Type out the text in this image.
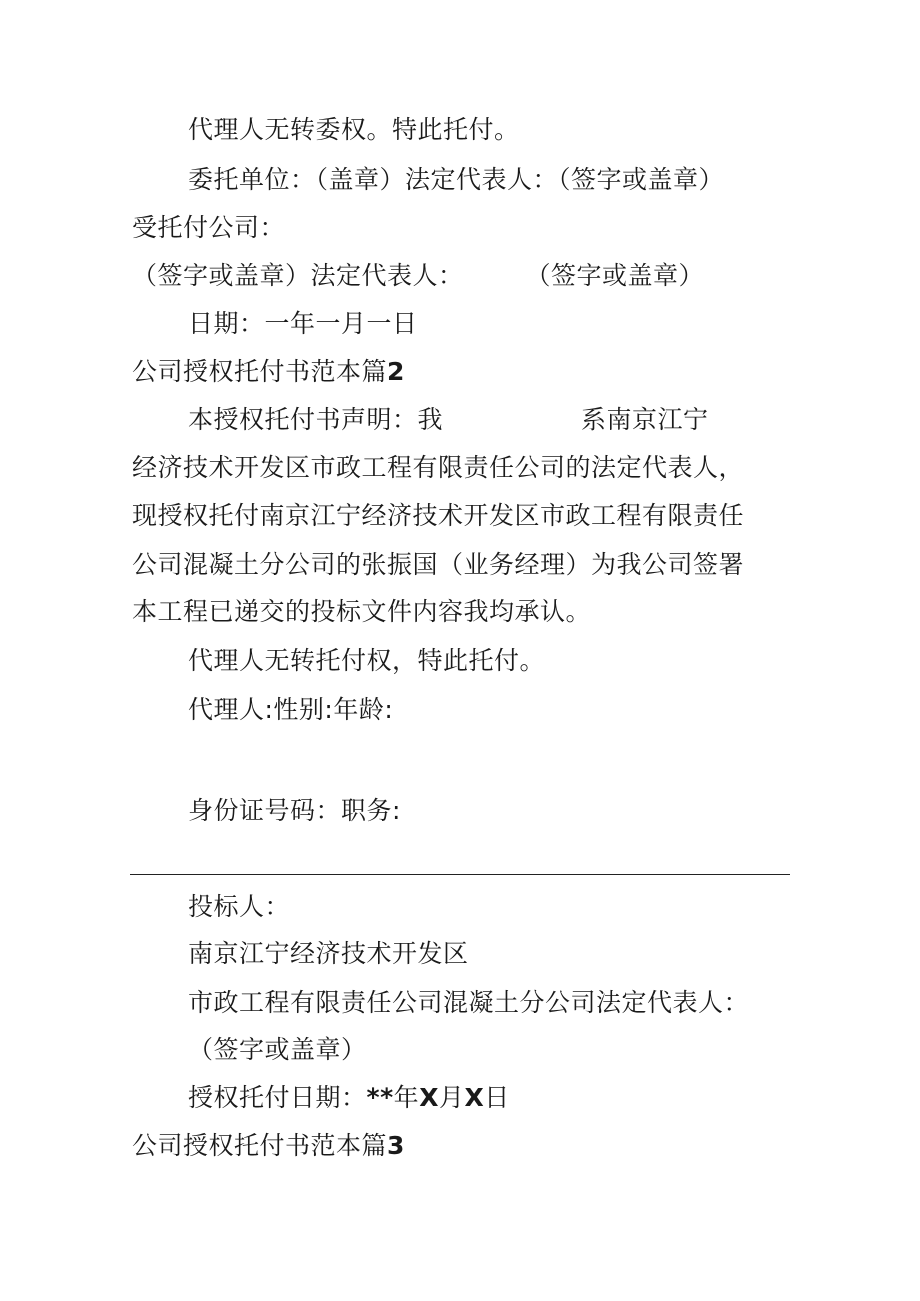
代理人无转委权。特此托付。
委托单位：（盖章）法定代表人：（签字或盖章）
受托付公司：
（签字或盖章）法定代表人： （签字或盖章）
日期：一年一月一日
公司授权托付书范本篇2
本授权托付书声明：我	系南京江宁
经济技术开发区市政工程有限责任公司的法定代表人，
现授权托付南京江宁经济技术开发区市政工程有限责任
公司混凝土分公司的张振国（业务经理）为我公司签署
本工程已递交的投标文件内容我均承认。
代理人无转托付权，特此托付。
代理人:性别:年龄:
身份证号码：职务:
投标人：
南京江宁经济技术开发区
市政工程有限责任公司混凝土分公司法定代表人：
（签字或盖章）
授权托付日期：**年X月X日
公司授权托付书范本篇3
